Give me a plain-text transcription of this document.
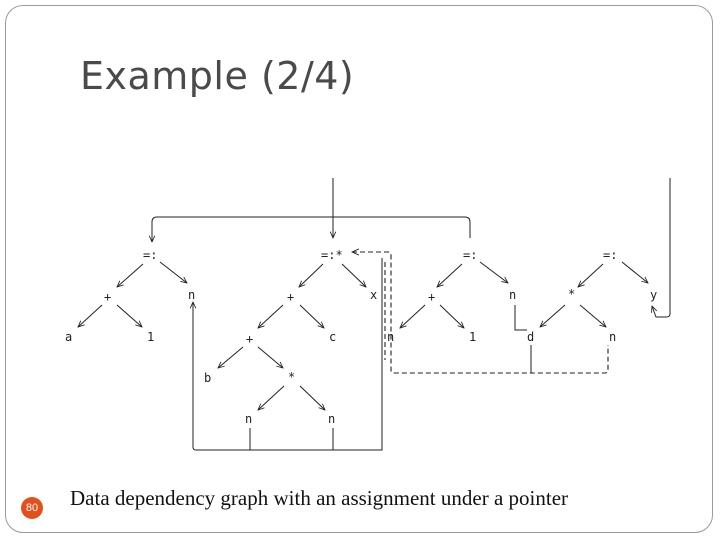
Example (2/4)
=:
+
a	1
n
=:*
+
+
b	*
n	n
c
x
=:
+
n	1
n
=:
*
d	n
y
80 Data dependency graph with an assignment under a pointer
